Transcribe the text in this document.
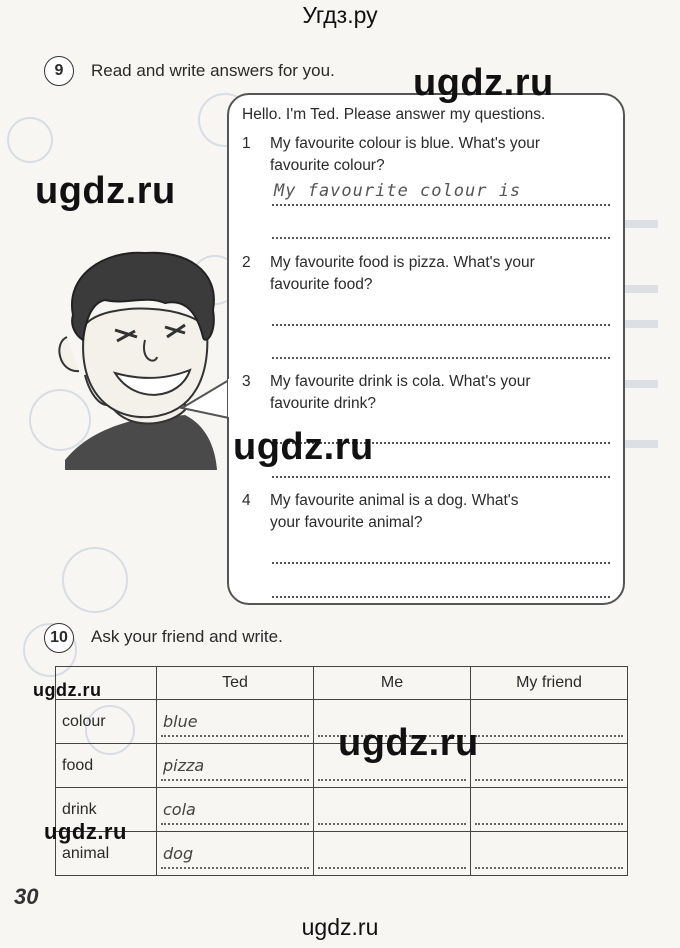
Угдз.ру
9	Read and write answers for you.
Hello. I'm Ted. Please answer my questions.
1 My favourite colour is blue. What's your
favourite colour?
My favourite colour is
2 My favourite food is pizza. What's your
favourite food?
3 My favourite drink is cola. What's your
favourite drink?
4 My favourite animal is a dog. What's
your favourite animal?
10	Ask your friend and write.
	Ted	Me	My friend
colour	blue

food	pizza

drink	cola

animal	dog

30
ugdz.ru
ugdz.ru
ugdz.ru
ugdz.ru
ugdz.ru
ugdz.ru
ugdz.ru
